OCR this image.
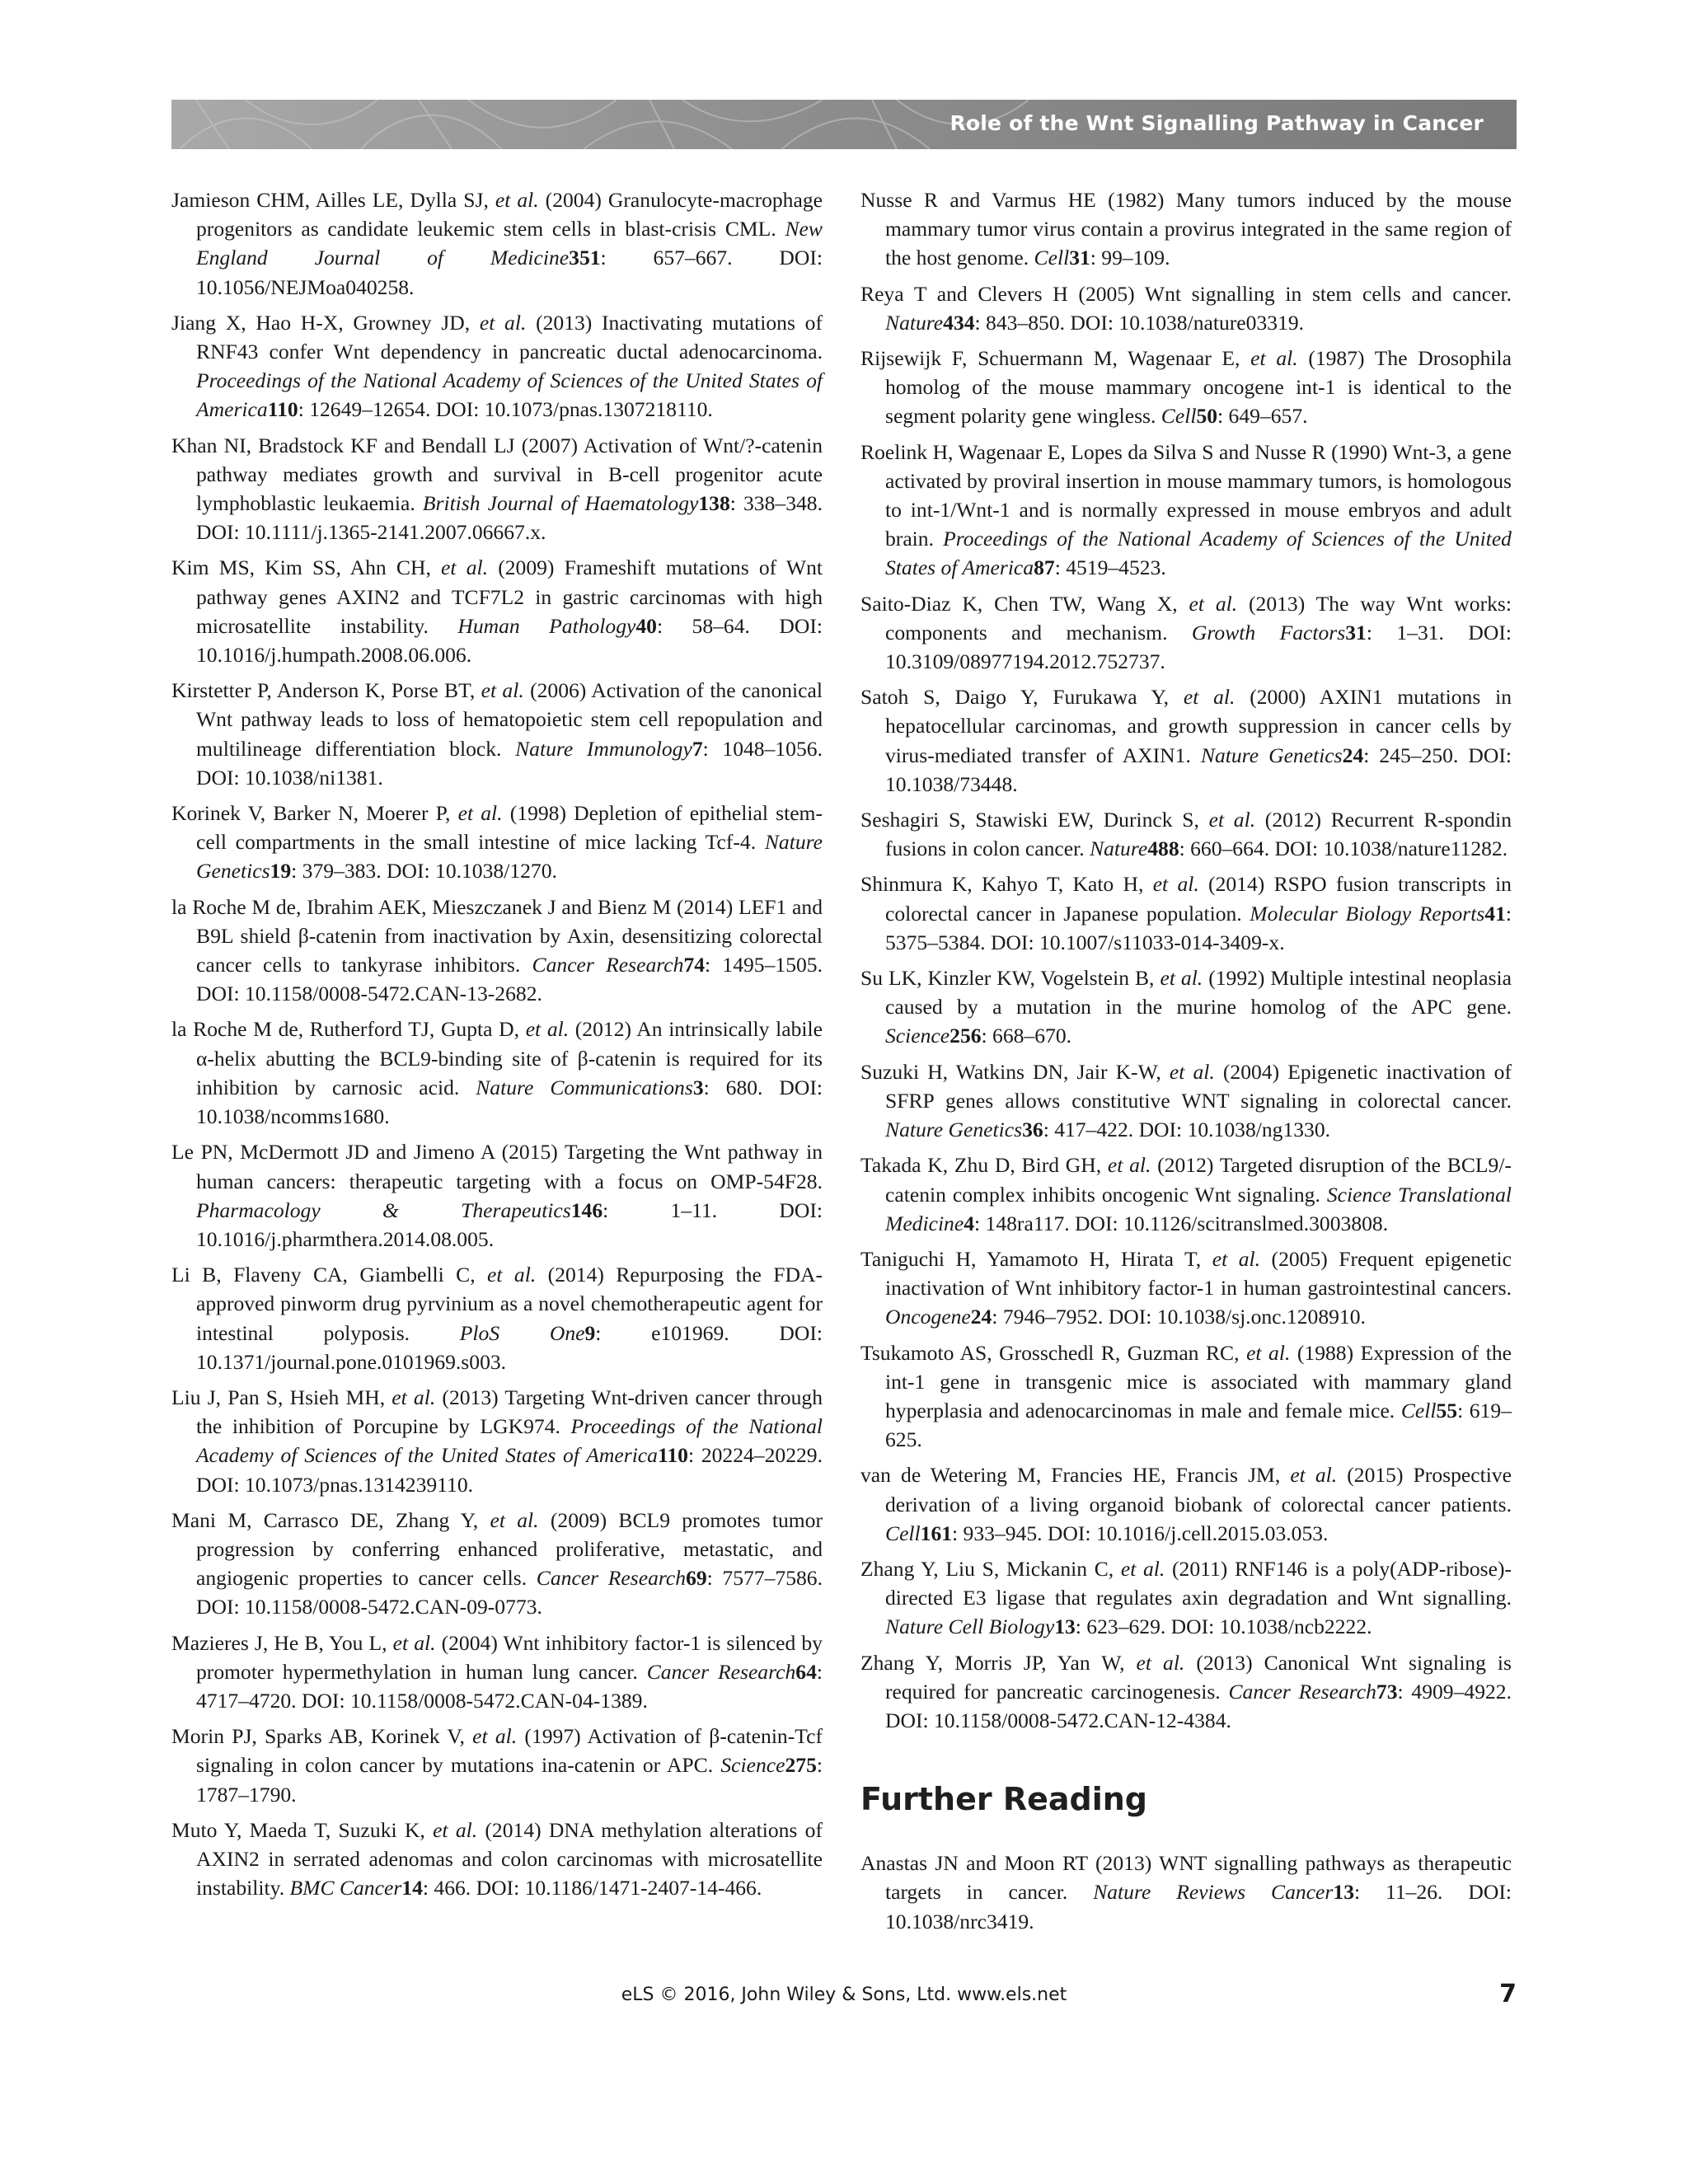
Role of the Wnt Signalling Pathway in Cancer

Jamieson CHM, Ailles LE, Dylla SJ, et al. (2004) Granulocyte-macrophage progenitors as candidate leukemic stem cells in blast-crisis CML. New England Journal of Medicine351: 657–667. DOI: 10.1056/NEJMoa040258.

Jiang X, Hao H-X, Growney JD, et al. (2013) Inactivating mutations of RNF43 confer Wnt dependency in pancreatic ductal adenocarcinoma. Proceedings of the National Academy of Sciences of the United States of America110: 12649–12654. DOI: 10.1073/pnas.1307218110.

Khan NI, Bradstock KF and Bendall LJ (2007) Activation of Wnt/?-catenin pathway mediates growth and survival in B-cell progenitor acute lymphoblastic leukaemia. British Journal of Haematology138: 338–348. DOI: 10.1111/j.1365-2141.2007.06667.x.

Kim MS, Kim SS, Ahn CH, et al. (2009) Frameshift mutations of Wnt pathway genes AXIN2 and TCF7L2 in gastric carcinomas with high microsatellite instability. Human Pathology40: 58–64. DOI: 10.1016/j.humpath.2008.06.006.

Kirstetter P, Anderson K, Porse BT, et al. (2006) Activation of the canonical Wnt pathway leads to loss of hematopoietic stem cell repopulation and multilineage differentiation block. Nature Immunology7: 1048–1056. DOI: 10.1038/ni1381.

Korinek V, Barker N, Moerer P, et al. (1998) Depletion of epithelial stem-cell compartments in the small intestine of mice lacking Tcf-4. Nature Genetics19: 379–383. DOI: 10.1038/1270.

la Roche M de, Ibrahim AEK, Mieszczanek J and Bienz M (2014) LEF1 and B9L shield β-catenin from inactivation by Axin, desensitizing colorectal cancer cells to tankyrase inhibitors. Cancer Research74: 1495–1505. DOI: 10.1158/0008-5472.CAN-13-2682.

la Roche M de, Rutherford TJ, Gupta D, et al. (2012) An intrinsically labile α-helix abutting the BCL9-binding site of β-catenin is required for its inhibition by carnosic acid. Nature Communications3: 680. DOI: 10.1038/ncomms1680.

Le PN, McDermott JD and Jimeno A (2015) Targeting the Wnt pathway in human cancers: therapeutic targeting with a focus on OMP-54F28. Pharmacology & Therapeutics146: 1–11. DOI: 10.1016/j.pharmthera.2014.08.005.

Li B, Flaveny CA, Giambelli C, et al. (2014) Repurposing the FDA-approved pinworm drug pyrvinium as a novel chemotherapeutic agent for intestinal polyposis. PloS One9: e101969. DOI: 10.1371/journal.pone.0101969.s003.

Liu J, Pan S, Hsieh MH, et al. (2013) Targeting Wnt-driven cancer through the inhibition of Porcupine by LGK974. Proceedings of the National Academy of Sciences of the United States of America110: 20224–20229. DOI: 10.1073/pnas.1314239110.

Mani M, Carrasco DE, Zhang Y, et al. (2009) BCL9 promotes tumor progression by conferring enhanced proliferative, metastatic, and angiogenic properties to cancer cells. Cancer Research69: 7577–7586. DOI: 10.1158/0008-5472.CAN-09-0773.

Mazieres J, He B, You L, et al. (2004) Wnt inhibitory factor-1 is silenced by promoter hypermethylation in human lung cancer. Cancer Research64: 4717–4720. DOI: 10.1158/0008-5472.CAN-04-1389.

Morin PJ, Sparks AB, Korinek V, et al. (1997) Activation of β-catenin-Tcf signaling in colon cancer by mutations ina-catenin or APC. Science275: 1787–1790.

Muto Y, Maeda T, Suzuki K, et al. (2014) DNA methylation alterations of AXIN2 in serrated adenomas and colon carcinomas with microsatellite instability. BMC Cancer14: 466. DOI: 10.1186/1471-2407-14-466.

Nusse R and Varmus HE (1982) Many tumors induced by the mouse mammary tumor virus contain a provirus integrated in the same region of the host genome. Cell31: 99–109.

Reya T and Clevers H (2005) Wnt signalling in stem cells and cancer. Nature434: 843–850. DOI: 10.1038/nature03319.

Rijsewijk F, Schuermann M, Wagenaar E, et al. (1987) The Drosophila homolog of the mouse mammary oncogene int-1 is identical to the segment polarity gene wingless. Cell50: 649–657.

Roelink H, Wagenaar E, Lopes da Silva S and Nusse R (1990) Wnt-3, a gene activated by proviral insertion in mouse mammary tumors, is homologous to int-1/Wnt-1 and is normally expressed in mouse embryos and adult brain. Proceedings of the National Academy of Sciences of the United States of America87: 4519–4523.

Saito-Diaz K, Chen TW, Wang X, et al. (2013) The way Wnt works: components and mechanism. Growth Factors31: 1–31. DOI: 10.3109/08977194.2012.752737.

Satoh S, Daigo Y, Furukawa Y, et al. (2000) AXIN1 mutations in hepatocellular carcinomas, and growth suppression in cancer cells by virus-mediated transfer of AXIN1. Nature Genetics24: 245–250. DOI: 10.1038/73448.

Seshagiri S, Stawiski EW, Durinck S, et al. (2012) Recurrent R-spondin fusions in colon cancer. Nature488: 660–664. DOI: 10.1038/nature11282.

Shinmura K, Kahyo T, Kato H, et al. (2014) RSPO fusion transcripts in colorectal cancer in Japanese population. Molecular Biology Reports41: 5375–5384. DOI: 10.1007/s11033-014-3409-x.

Su LK, Kinzler KW, Vogelstein B, et al. (1992) Multiple intestinal neoplasia caused by a mutation in the murine homolog of the APC gene. Science256: 668–670.

Suzuki H, Watkins DN, Jair K-W, et al. (2004) Epigenetic inactivation of SFRP genes allows constitutive WNT signaling in colorectal cancer. Nature Genetics36: 417–422. DOI: 10.1038/ng1330.

Takada K, Zhu D, Bird GH, et al. (2012) Targeted disruption of the BCL9/-catenin complex inhibits oncogenic Wnt signaling. Science Translational Medicine4: 148ra117. DOI: 10.1126/scitranslmed.3003808.

Taniguchi H, Yamamoto H, Hirata T, et al. (2005) Frequent epigenetic inactivation of Wnt inhibitory factor-1 in human gastrointestinal cancers. Oncogene24: 7946–7952. DOI: 10.1038/sj.onc.1208910.

Tsukamoto AS, Grosschedl R, Guzman RC, et al. (1988) Expression of the int-1 gene in transgenic mice is associated with mammary gland hyperplasia and adenocarcinomas in male and female mice. Cell55: 619–625.

van de Wetering M, Francies HE, Francis JM, et al. (2015) Prospective derivation of a living organoid biobank of colorectal cancer patients. Cell161: 933–945. DOI: 10.1016/j.cell.2015.03.053.

Zhang Y, Liu S, Mickanin C, et al. (2011) RNF146 is a poly(ADP-ribose)-directed E3 ligase that regulates axin degradation and Wnt signalling. Nature Cell Biology13: 623–629. DOI: 10.1038/ncb2222.

Zhang Y, Morris JP, Yan W, et al. (2013) Canonical Wnt signaling is required for pancreatic carcinogenesis. Cancer Research73: 4909–4922. DOI: 10.1158/0008-5472.CAN-12-4384.

Further Reading

Anastas JN and Moon RT (2013) WNT signalling pathways as therapeutic targets in cancer. Nature Reviews Cancer13: 11–26. DOI: 10.1038/nrc3419.

eLS © 2016, John Wiley & Sons, Ltd. www.els.net	7
